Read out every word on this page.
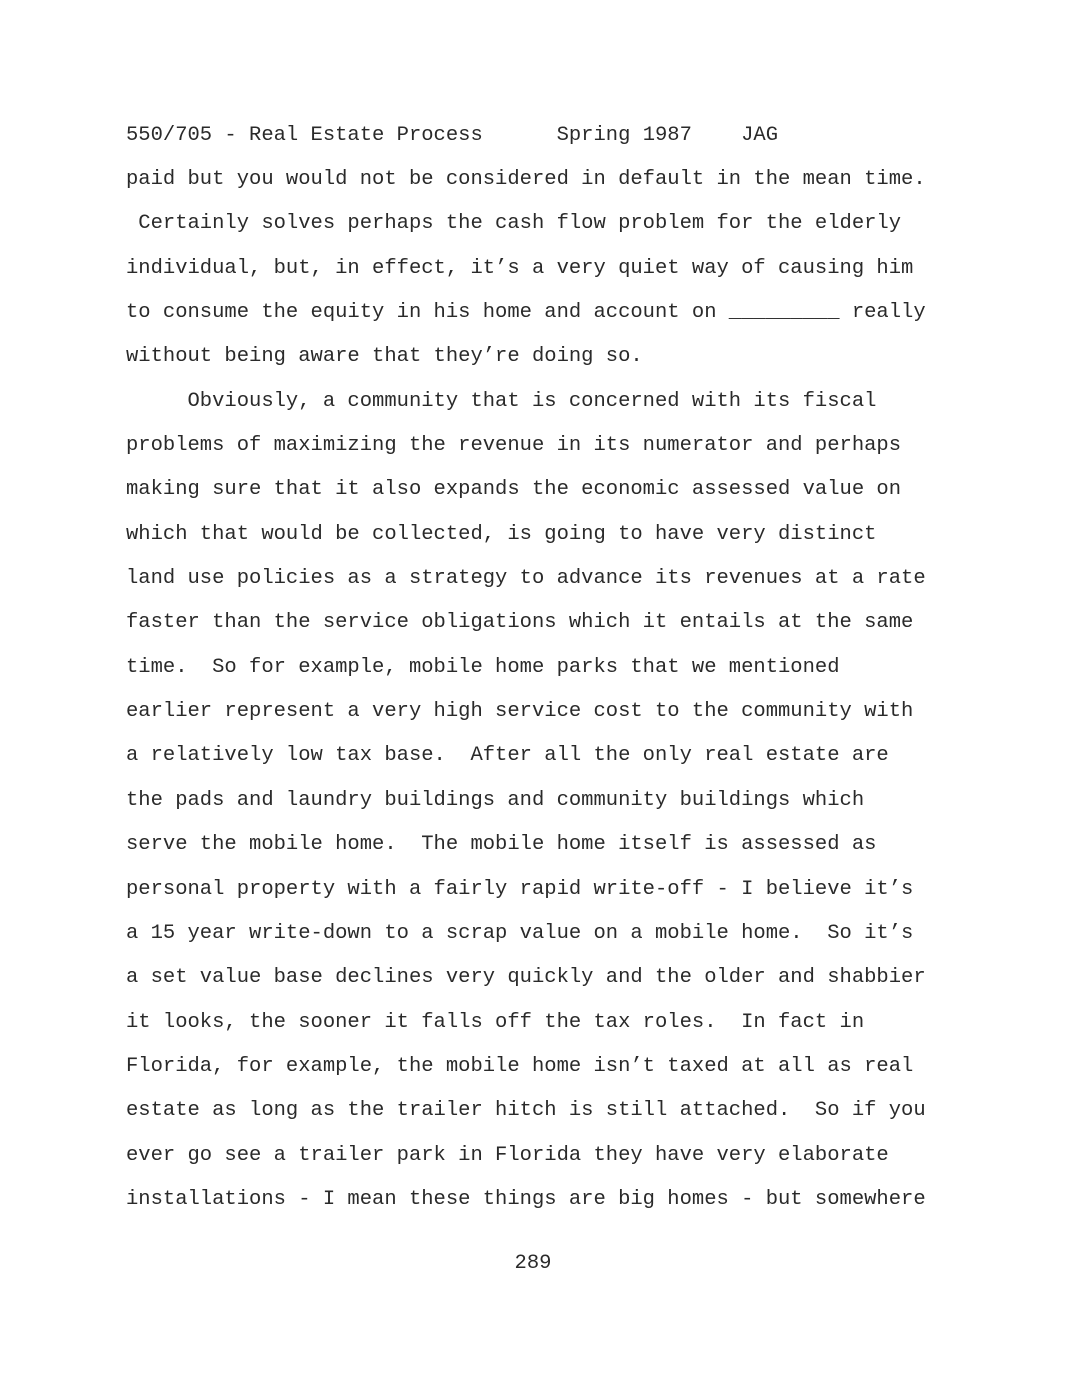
550/705 - Real Estate Process	Spring 1987 JAG
paid but you would not be considered in default in the mean time.
Certainly solves perhaps the cash flow problem for the elderly
individual, but, in effect, it’s a very quiet way of causing him
to consume the equity in his home and account on _________ really
without being aware that they’re doing so.
Obviously, a community that is concerned with its fiscal
problems of maximizing the revenue in its numerator and perhaps
making sure that it also expands the economic assessed value on
which that would be collected, is going to have very distinct
land use policies as a strategy to advance its revenues at a rate
faster than the service obligations which it entails at the same
time.  So for example, mobile home parks that we mentioned
earlier represent a very high service cost to the community with
a relatively low tax base.  After all the only real estate are
the pads and laundry buildings and community buildings which
serve the mobile home.  The mobile home itself is assessed as
personal property with a fairly rapid write-off - I believe it’s
a 15 year write-down to a scrap value on a mobile home.  So it’s
a set value base declines very quickly and the older and shabbier
it looks, the sooner it falls off the tax roles.  In fact in
Florida, for example, the mobile home isn’t taxed at all as real
estate as long as the trailer hitch is still attached.  So if you
ever go see a trailer park in Florida they have very elaborate
installations - I mean these things are big homes - but somewhere
289
